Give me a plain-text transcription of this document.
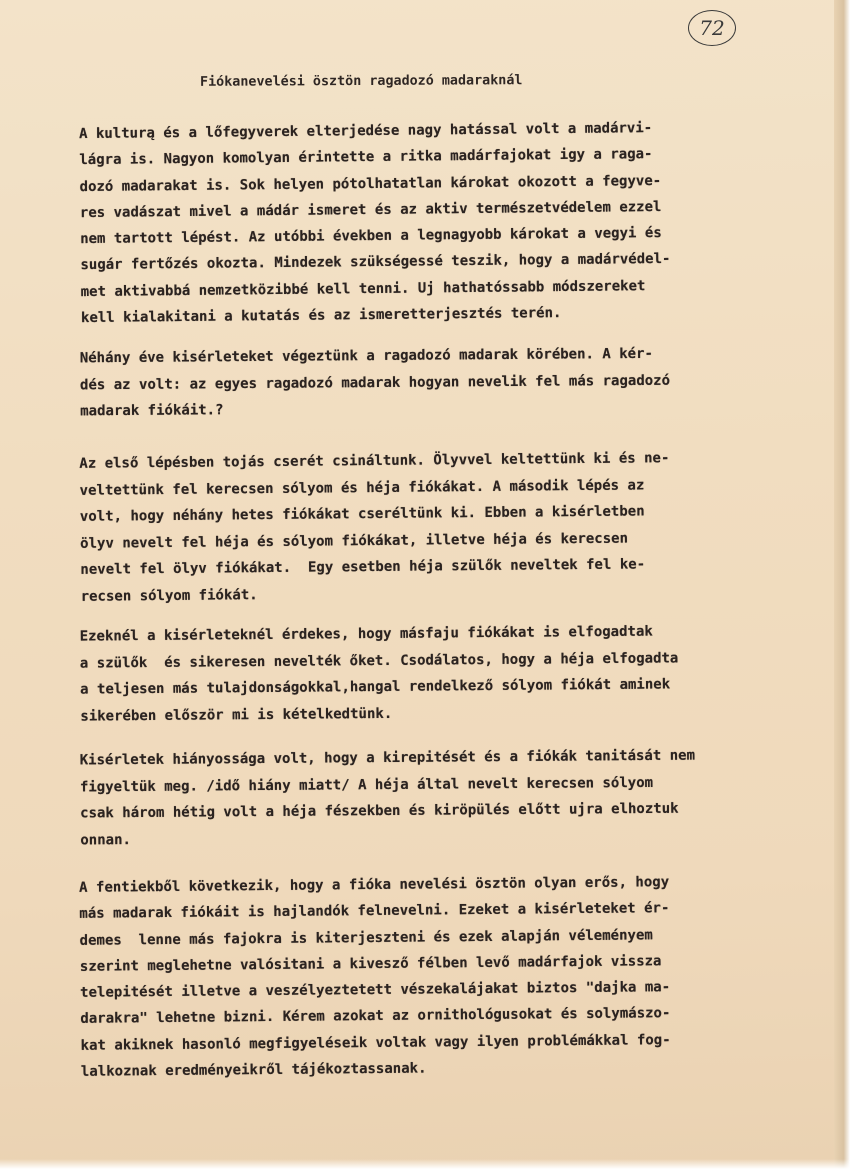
72
Fiókanevelési ösztön ragadozó madaraknál
A kulturą és a lőfegyverek elterjedése nagy hatással volt a madárvi-
lágra is. Nagyon komolyan érintette a ritka madárfajokat igy a raga-
dozó madarakat is. Sok helyen pótolhatatlan károkat okozott a fegyve-
res vadászat mivel a mádár ismeret és az aktiv természetvédelem ezzel
nem tartott lépést. Az utóbbi években a legnagyobb károkat a vegyi és
sugár fertőzés okozta. Mindezek szükségessé teszik, hogy a madárvédel-
met aktivabbá nemzetközibbé kell tenni. Uj hathatóssabb módszereket
kell kialakitani a kutatás és az ismeretterjesztés terén.
Néhány éve kisérleteket végeztünk a ragadozó madarak körében. A kér-
dés az volt: az egyes ragadozó madarak hogyan nevelik fel más ragadozó
madarak fiókáit.?
Az első lépésben tojás cserét csináltunk. Ölyvvel keltettünk ki és ne-
veltettünk fel kerecsen sólyom és héja fiókákat. A második lépés az
volt, hogy néhány hetes fiókákat cseréltünk ki. Ebben a kisérletben
ölyv nevelt fel héja és sólyom fiókákat, illetve héja és kerecsen
nevelt fel ölyv fiókákat.  Egy esetben héja szülők neveltek fel ke-
recsen sólyom fiókát.
Ezeknél a kisérleteknél érdekes, hogy másfaju fiókákat is elfogadtak
a szülők  és sikeresen nevelték őket. Csodálatos, hogy a héja elfogadta
a teljesen más tulajdonságokkal,hangal rendelkező sólyom fiókát aminek
sikerében először mi is kételkedtünk.
Kisérletek hiányossága volt, hogy a kirepitését és a fiókák tanitását nem
figyeltük meg. /idő hiány miatt/ A héja által nevelt kerecsen sólyom
csak három hétig volt a héja fészekben és kiröpülés előtt ujra elhoztuk
onnan.
A fentiekből következik, hogy a fióka nevelési ösztön olyan erős, hogy
más madarak fiókáit is hajlandók felnevelni. Ezeket a kisérleteket ér-
demes  lenne más fajokra is kiterjeszteni és ezek alapján véleményem
szerint meglehetne valósitani a kivesző félben levő madárfajok vissza
telepitését illetve a veszélyeztetett vészekalájakat biztos "dajka ma-
darakra" lehetne bizni. Kérem azokat az ornithológusokat és solymászo-
kat akiknek hasonló megfigyeléseik voltak vagy ilyen problémákkal fog-
lalkoznak eredményeikről tájékoztassanak.
